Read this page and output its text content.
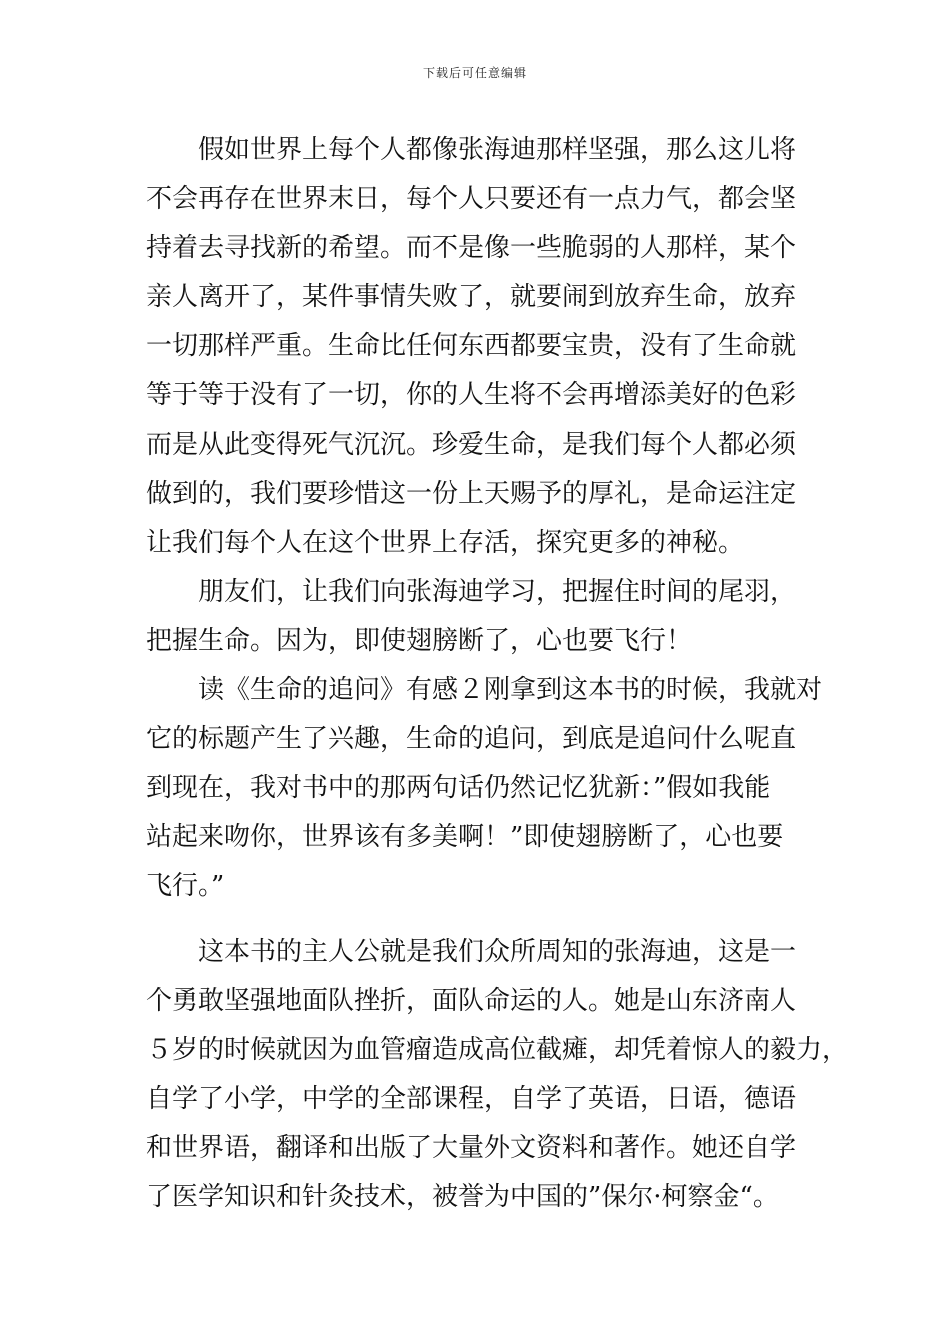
下载后可任意编辑
假如世界上每个人都像张海迪那样坚强，那么这儿将
不会再存在世界末日，每个人只要还有一点力气，都会坚
持着去寻找新的希望。而不是像一些脆弱的人那样，某个
亲人离开了，某件事情失败了，就要闹到放弃生命，放弃
一切那样严重。生命比任何东西都要宝贵，没有了生命就
等于等于没有了一切，你的人生将不会再增添美好的色彩
而是从此变得死气沉沉。珍爱生命，是我们每个人都必须
做到的，我们要珍惜这一份上天赐予的厚礼，是命运注定
让我们每个人在这个世界上存活，探究更多的神秘。
朋友们，让我们向张海迪学习，把握住时间的尾羽，
把握生命。因为，即使翅膀断了，心也要飞行！
读《生命的追问》有感２刚拿到这本书的时候，我就对
它的标题产生了兴趣，生命的追问，到底是追问什么呢直
到现在，我对书中的那两句话仍然记忆犹新：”假如我能
站起来吻你，世界该有多美啊！”即使翅膀断了，心也要
飞行。”
这本书的主人公就是我们众所周知的张海迪，这是一
个勇敢坚强地面队挫折，面队命运的人。她是山东济南人
５岁的时候就因为血管瘤造成高位截瘫，却凭着惊人的毅力，
自学了小学，中学的全部课程，自学了英语，日语，德语
和世界语，翻译和出版了大量外文资料和著作。她还自学
了医学知识和针灸技术，被誉为中国的”保尔·柯察金“。
